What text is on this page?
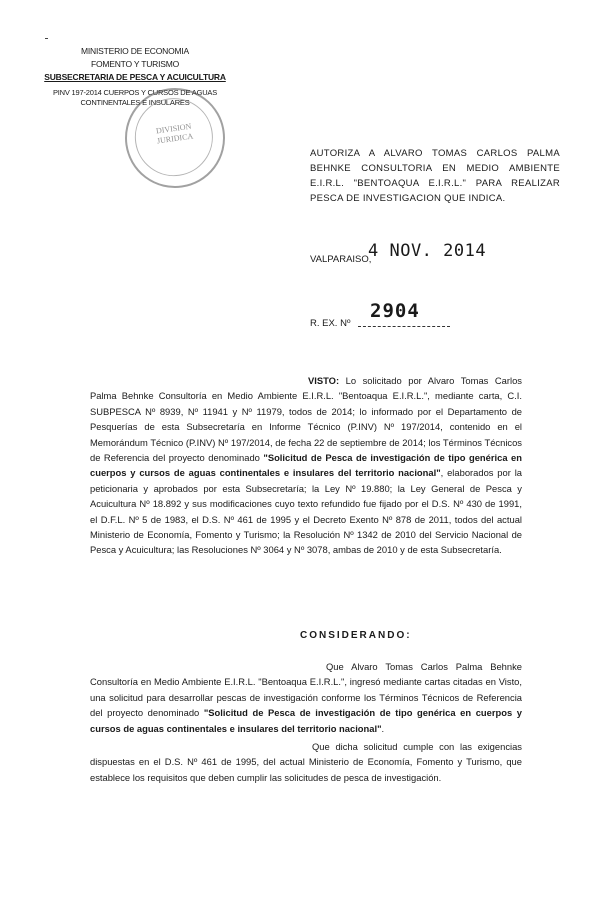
MINISTERIO DE ECONOMIA
FOMENTO Y TURISMO
SUBSECRETARIA DE PESCA Y ACUICULTURA
PINV 197-2014 CUERPOS Y CURSOS DE AGUAS
CONTINENTALES E INSULARES
DIVISION JURIDICA
AUTORIZA A ALVARO TOMAS CARLOS PALMA BEHNKE CONSULTORIA EN MEDIO AMBIENTE E.I.R.L. "BENTOAQUA E.I.R.L." PARA REALIZAR PESCA DE INVESTIGACION QUE INDICA.
VALPARAISO,
4 NOV. 2014
R. EX. Nº
2904
VISTO: Lo solicitado por Alvaro Tomas Carlos Palma Behnke Consultoría en Medio Ambiente E.I.R.L. "Bentoaqua E.I.R.L.", mediante carta, C.I. SUBPESCA Nº 8939, Nº 11941 y Nº 11979, todos de 2014; lo informado por el Departamento de Pesquerías de esta Subsecretaría en Informe Técnico (P.INV) Nº 197/2014, contenido en el Memorándum Técnico (P.INV) Nº 197/2014, de fecha 22 de septiembre de 2014; los Términos Técnicos de Referencia del proyecto denominado "Solicitud de Pesca de investigación de tipo genérica en cuerpos y cursos de aguas continentales e insulares del territorio nacional", elaborados por la peticionaria y aprobados por esta Subsecretaría; la Ley Nº 19.880; la Ley General de Pesca y Acuicultura Nº 18.892 y sus modificaciones cuyo texto refundido fue fijado por el D.S. Nº 430 de 1991, el D.F.L. Nº 5 de 1983, el D.S. Nº 461 de 1995 y el Decreto Exento Nº 878 de 2011, todos del actual Ministerio de Economía, Fomento y Turismo; la Resolución Nº 1342 de 2010 del Servicio Nacional de Pesca y Acuicultura; las Resoluciones Nº 3064 y Nº 3078, ambas de 2010 y de esta Subsecretaría.
CONSIDERANDO:
Que Alvaro Tomas Carlos Palma Behnke Consultoría en Medio Ambiente E.I.R.L. "Bentoaqua E.I.R.L.", ingresó mediante cartas citadas en Visto, una solicitud para desarrollar pescas de investigación conforme los Términos Técnicos de Referencia del proyecto denominado "Solicitud de Pesca de investigación de tipo genérica en cuerpos y cursos de aguas continentales e insulares del territorio nacional".
Que dicha solicitud cumple con las exigencias dispuestas en el D.S. Nº 461 de 1995, del actual Ministerio de Economía, Fomento y Turismo, que establece los requisitos que deben cumplir las solicitudes de pesca de investigación.
